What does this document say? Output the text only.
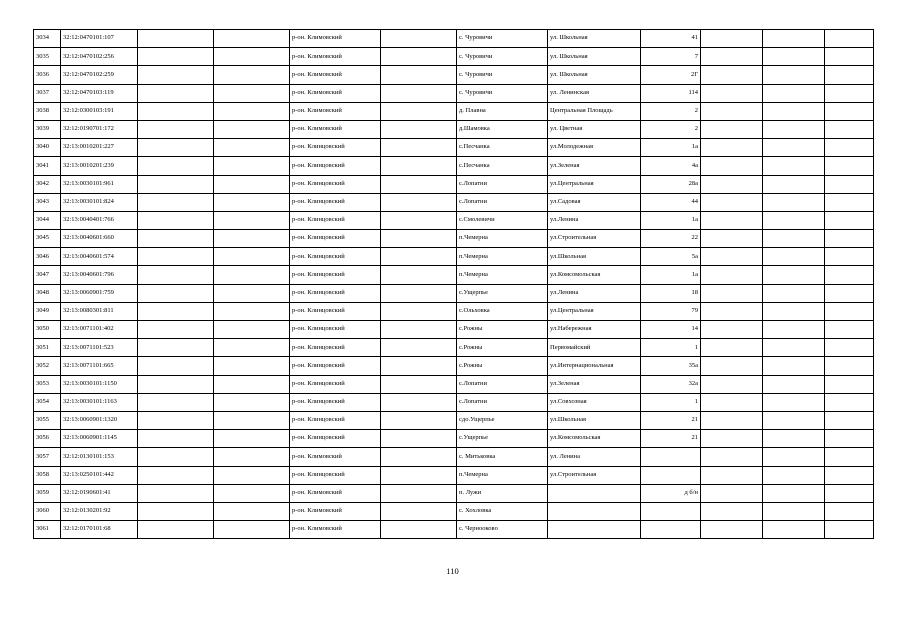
3034	32:12:0470101:107			р-он. Климовский		с. Чуровичи	ул. Школьная	41			
3035	32:12:0470102:256			р-он. Климовский		с. Чуровичи	ул. Школьная	7			
3036	32:12:0470102:259			р-он. Климовский		с. Чуровичи	ул. Школьная	2Г			
3037	32:12:0470103:119			р-он. Климовский		с. Чуровичи	ул. Ленинская	114			
3038	32:12:0300103:191			р-он. Климовский		д. Плавна	Центральная Площадь	2			
3039	32:12:0190701:172			р-он. Климовский		д.Шамовка	ул. Цветная	2			
3040	32:13:0010201:227			р-он. Клинцовский		с.Песчанка	ул.Молодежная	1а			
3041	32:13:0010201:239			р-он. Клинцовский		с.Песчанка	ул.Зеленая	4а			
3042	32:13:0030101:961			р-он. Клинцовский		с.Лопатни	ул.Центральная	28а			
3043	32:13:0030101:824			р-он. Клинцовский		с.Лопатни	ул.Садовая	44			
3044	32:13:0040401:766			р-он. Клинцовский		с.Смолевичи	ул.Ленина	1а			
3045	32:13:0040601:660			р-он. Клинцовский		п.Чемерна	ул.Строительная	22			
3046	32:13:0040601:574			р-он. Клинцовский		п.Чемерна	ул.Школьная	5а			
3047	32:13:0040601:796			р-он. Клинцовский		п.Чемерна	ул.Комсомольская	1а			
3048	32:13:0060901:759			р-он. Клинцовский		с.Ущерпье	ул.Ленина	18			
3049	32:13:0080301:811			р-он. Клинцовский		с.Ольховка	ул.Центральная	79			
3050	32:13:0071101:402			р-он. Клинцовский		с.Рожны	ул.Набережная	14			
3051	32:13:0071101:523			р-он. Клинцовский		с.Рожны	Первомайский	1			
3052	32:13:0071101:665			р-он. Клинцовский		с.Рожны	ул.Интернациональная	35а			
3053	32:13:0030101:1150			р-он. Клинцовский		с.Лопатни	ул.Зеленая	32а			
3054	32:13:0030101:1163			р-он. Клинцовский		с.Лопатни	ул.Совхозная	1			
3055	32:13:0060901:1320			р-он. Клинцовский		сдо.Ущерпье	ул.Школьная	21			
3056	32:13:0060901:1145			р-он. Клинцовский		с.Ущерпье	ул.Комсомольская	21			
3057	32:12:0130101:153			р-он. Климовский		с. Митьковка	ул. Ленина				
3058	32:13:0250101:442			р-он. Клинцовский		п.Чемерна	ул.Строительная				
3059	32:12:0190601:41			р-он. Климовский		п. Лужи		д б/н			
3060	32:12:0130201:92			р-он. Климовский		с. Хохловка					
3061	32:12:0170101:68			р-он. Климовский		с. Чернооково					
110
